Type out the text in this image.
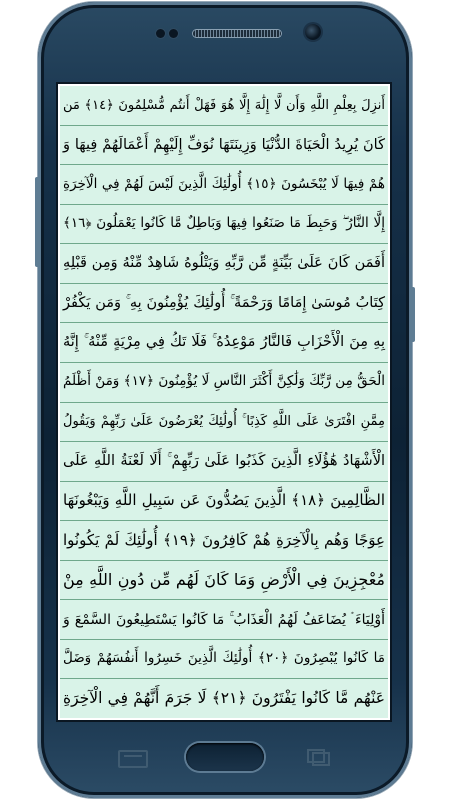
أَنزِلَ بِعِلْمِ اللَّهِ وَأَن لَّا إِلَٰهَ إِلَّا هُوَ فَهَلْ أَنتُم مُّسْلِمُونَ ﴿١٤﴾ مَن
كَانَ يُرِيدُ الْحَيَاةَ الدُّنْيَا وَزِينَتَهَا نُوَفِّ إِلَيْهِمْ أَعْمَالَهُمْ فِيهَا وَ
هُمْ فِيهَا لَا يُبْخَسُونَ ﴿١٥﴾ أُولَٰئِكَ الَّذِينَ لَيْسَ لَهُمْ فِي الْآخِرَةِ
إِلَّا النَّارُ ۖ وَحَبِطَ مَا صَنَعُوا فِيهَا وَبَاطِلٌ مَّا كَانُوا يَعْمَلُونَ ﴿١٦﴾
أَفَمَن كَانَ عَلَىٰ بَيِّنَةٍ مِّن رَّبِّهِ وَيَتْلُوهُ شَاهِدٌ مِّنْهُ وَمِن قَبْلِهِ
كِتَابُ مُوسَىٰ إِمَامًا وَرَحْمَةً ۚ أُولَٰئِكَ يُؤْمِنُونَ بِهِ ۚ وَمَن يَكْفُرْ
بِهِ مِنَ الْأَحْزَابِ فَالنَّارُ مَوْعِدُهُ ۚ فَلَا تَكُ فِي مِرْيَةٍ مِّنْهُ ۚ إِنَّهُ
الْحَقُّ مِن رَّبِّكَ وَلَٰكِنَّ أَكْثَرَ النَّاسِ لَا يُؤْمِنُونَ ﴿١٧﴾ وَمَنْ أَظْلَمُ
مِمَّنِ افْتَرَىٰ عَلَى اللَّهِ كَذِبًا ۚ أُولَٰئِكَ يُعْرَضُونَ عَلَىٰ رَبِّهِمْ وَيَقُولُ
الْأَشْهَادُ هَٰؤُلَاءِ الَّذِينَ كَذَبُوا عَلَىٰ رَبِّهِمْ ۚ أَلَا لَعْنَةُ اللَّهِ عَلَى
الظَّالِمِينَ ﴿١٨﴾ الَّذِينَ يَصُدُّونَ عَن سَبِيلِ اللَّهِ وَيَبْغُونَهَا
عِوَجًا وَهُم بِالْآخِرَةِ هُمْ كَافِرُونَ ﴿١٩﴾ أُولَٰئِكَ لَمْ يَكُونُوا
مُعْجِزِينَ فِي الْأَرْضِ وَمَا كَانَ لَهُم مِّن دُونِ اللَّهِ مِنْ
أَوْلِيَاءَ ۘ يُضَاعَفُ لَهُمُ الْعَذَابُ ۚ مَا كَانُوا يَسْتَطِيعُونَ السَّمْعَ وَ
مَا كَانُوا يُبْصِرُونَ ﴿٢٠﴾ أُولَٰئِكَ الَّذِينَ خَسِرُوا أَنفُسَهُمْ وَضَلَّ
عَنْهُم مَّا كَانُوا يَفْتَرُونَ ﴿٢١﴾ لَا جَرَمَ أَنَّهُمْ فِي الْآخِرَةِ
